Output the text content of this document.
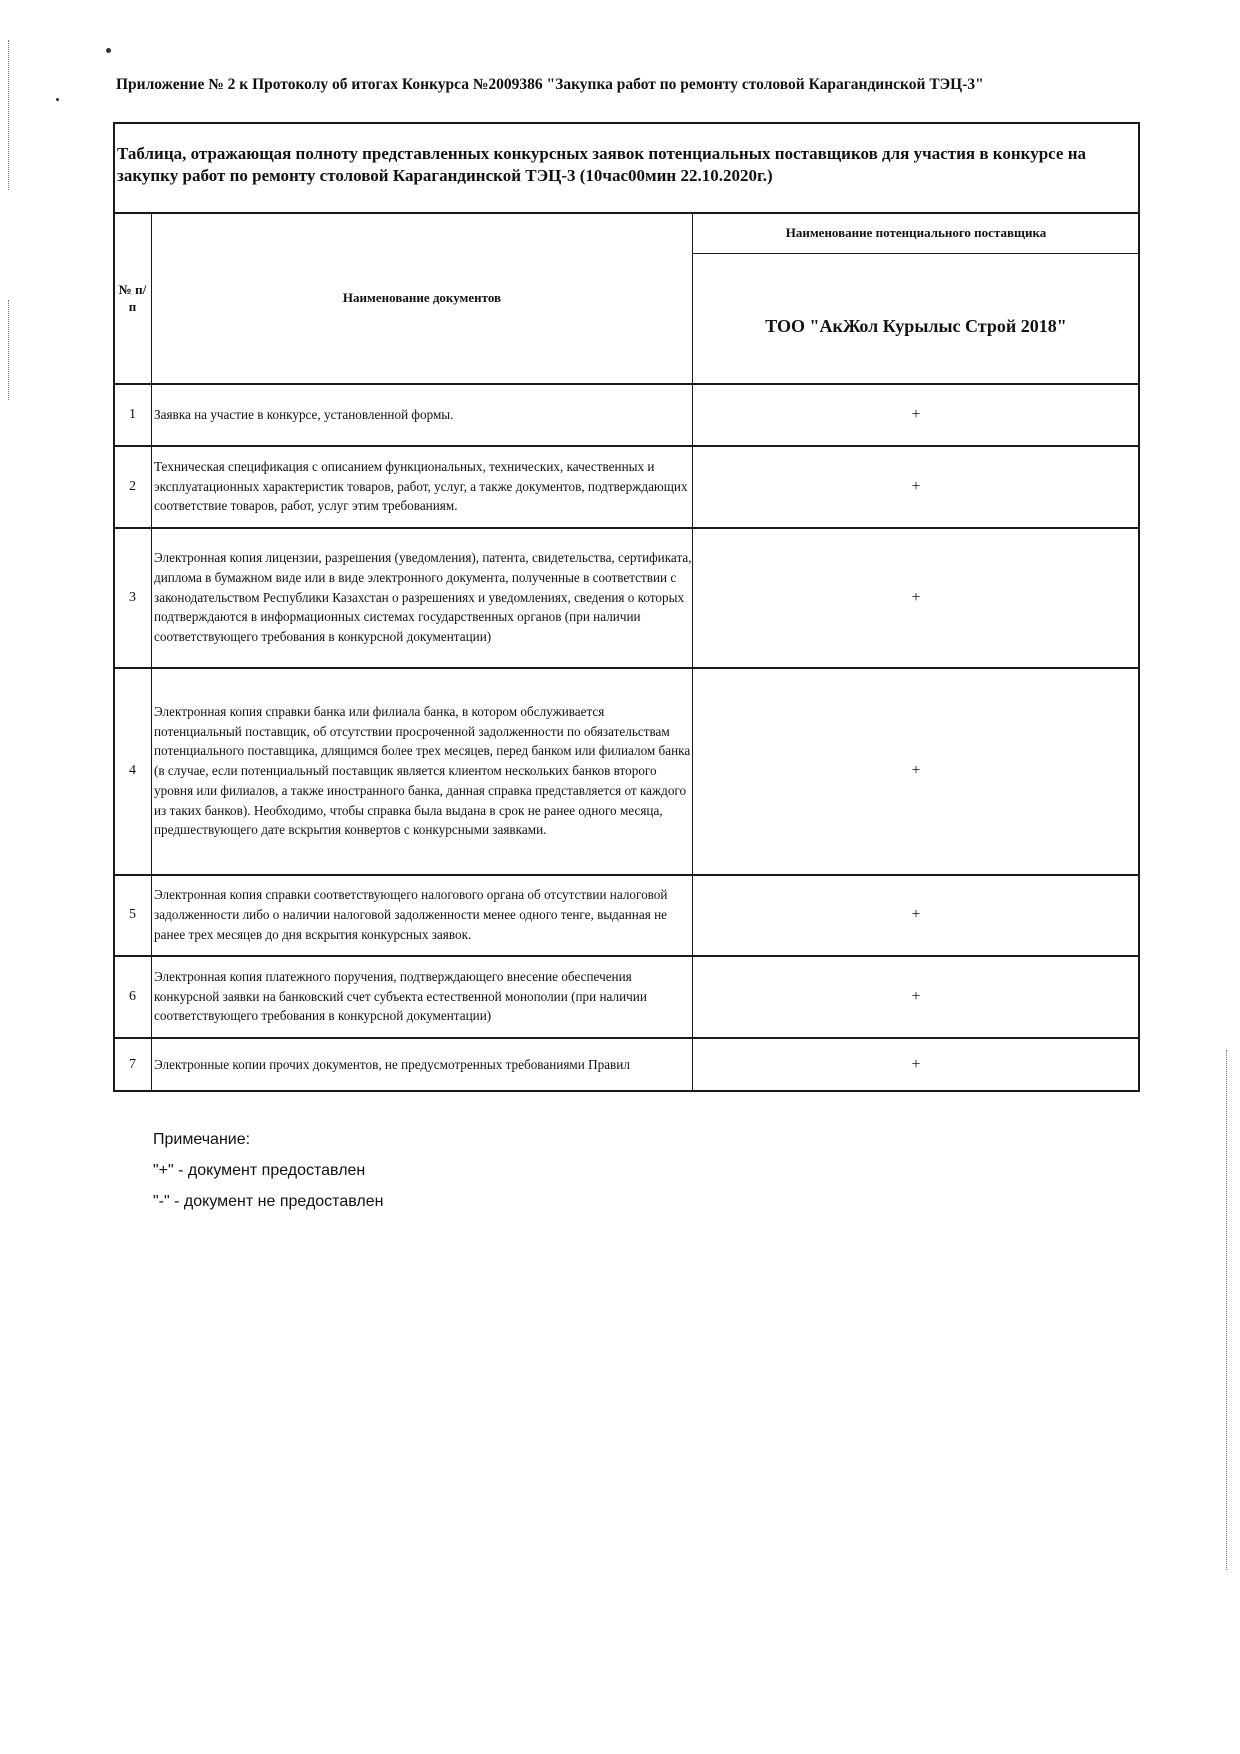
Приложение № 2 к Протоколу об итогах Конкурса №2009386 "Закупка работ по ремонту столовой Карагандинской ТЭЦ-3"
Таблица, отражающая полноту представленных конкурсных заявок потенциальных поставщиков для участия в конкурсе на закупку работ по ремонту столовой Карагандинской ТЭЦ-3 (10час00мин 22.10.2020г.)
№ п/п
Наименование документов
Наименование потенциального поставщика
ТОО "АкЖол Курылыс Строй 2018"
1	Заявка на участие в конкурсе, установленной формы.	+
2
Техническая спецификация с описанием функциональных, технических, качественных и эксплуатационных характеристик товаров, работ, услуг, а также документов, подтверждающих соответствие товаров, работ, услуг этим требованиям.
+
3
Электронная копия лицензии, разрешения (уведомления), патента, свидетельства, сертификата, диплома в бумажном виде или в виде электронного документа, полученные в соответствии с законодательством Республики Казахстан о разрешениях и уведомлениях, сведения о которых подтверждаются в информационных системах государственных органов (при наличии соответствующего требования в конкурсной документации)
+
4
Электронная копия справки банка или филиала банка, в котором обслуживается потенциальный поставщик, об отсутствии просроченной задолженности по обязательствам потенциального поставщика, длящимся более трех месяцев, перед банком или филиалом банка (в случае, если потенциальный поставщик является клиентом нескольких банков второго уровня или филиалов, а также иностранного банка, данная справка представляется от каждого из таких банков). Необходимо, чтобы справка была выдана в срок не ранее одного месяца, предшествующего дате вскрытия конвертов с конкурсными заявками.
+
5
Электронная копия справки соответствующего налогового органа об отсутствии налоговой задолженности либо о наличии налоговой задолженности менее одного тенге, выданная не ранее трех месяцев до дня вскрытия конкурсных заявок.
+
6
Электронная копия платежного поручения, подтверждающего внесение обеспечения конкурсной заявки на банковский счет субъекта естественной монополии (при наличии соответствующего требования в конкурсной документации)
+
7	Электронные копии прочих документов, не предусмотренных требованиями Правил	+
Примечание:
"+" - документ предоставлен
"-" - документ не предоставлен
